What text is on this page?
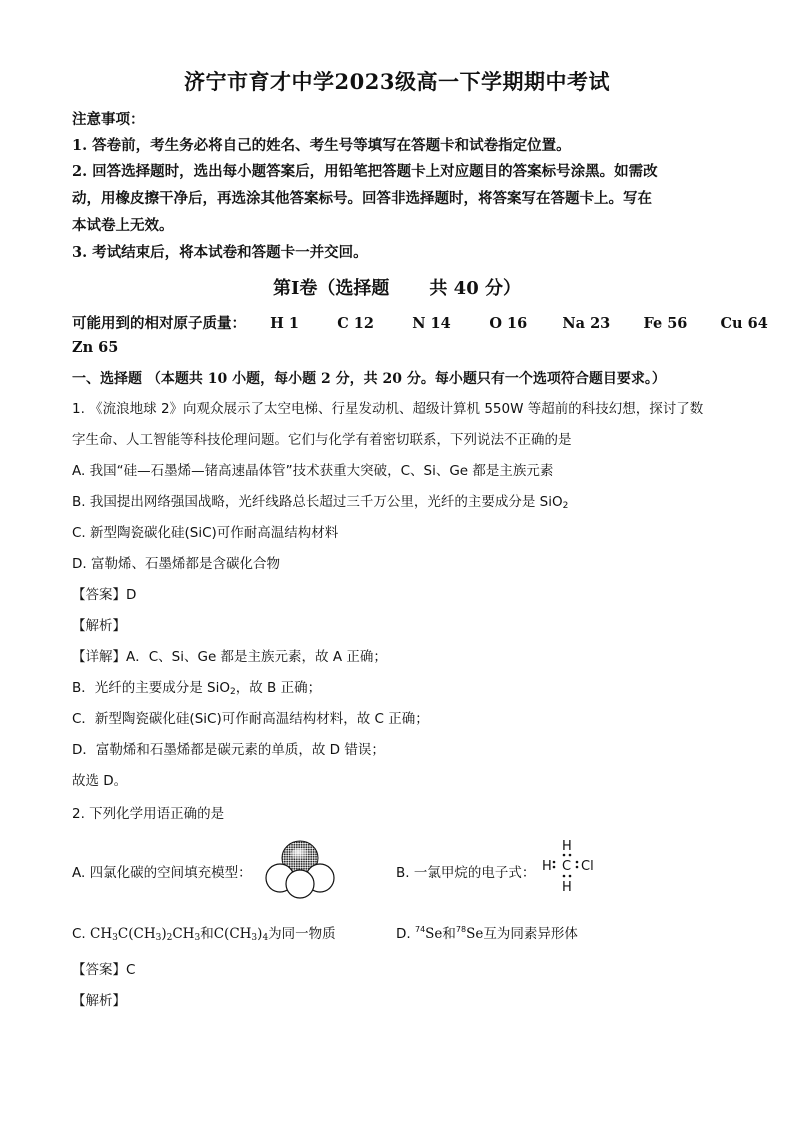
济宁市育才中学2023级高一下学期期中考试
注意事项：
1. 答卷前，考生务必将自己的姓名、考生号等填写在答题卡和试卷指定位置。
2. 回答选择题时，选出每小题答案后，用铅笔把答题卡上对应题目的答案标号涂黑。如需改
动，用橡皮擦干净后，再选涂其他答案标号。回答非选择题时，将答案写在答题卡上。写在
本试卷上无效。
3. 考试结束后，将本试卷和答题卡一并交回。
第Ⅰ卷（选择题 共 40 分）
可能用到的相对原子质量： H 1	C 12	N 14	O 16 Na 23 Fe 56 Cu 64
Zn 65
一、选择题 （本题共 10 小题，每小题 2 分，共 20 分。每小题只有一个选项符合题目要求。）
1. 《流浪地球 2》向观众展示了太空电梯、行星发动机、超级计算机 550W 等超前的科技幻想，探讨了数
字生命、人工智能等科技伦理问题。它们与化学有着密切联系，下列说法不正确的是
A. 我国“硅—石墨烯—锗高速晶体管”技术获重大突破，C、Si、Ge 都是主族元素
B. 我国提出网络强国战略，光纤线路总长超过三千万公里，光纤的主要成分是 SiO$_2$
C. 新型陶瓷碳化硅(SiC)可作耐高温结构材料
D. 富勒烯、石墨烯都是含碳化合物
【答案】D
【解析】
【详解】A．C、Si、Ge 都是主族元素，故 A 正确；
B．光纤的主要成分是 SiO$_2$，故 B 正确；
C．新型陶瓷碳化硅(SiC)可作耐高温结构材料，故 C 正确；
D．富勒烯和石墨烯都是碳元素的单质，故 D 错误；
故选 D。
2. 下列化学用语正确的是
A. 四氯化碳的空间填充模型：	B. 一氯甲烷的电子式：
H
H C Cl
H
C. $CH_3C(CH_3)_2CH_3$和$C(CH_3)_4$为同一物质	D. $^{74}$Se和$^{78}$Se互为同素异形体
【答案】C
【解析】
